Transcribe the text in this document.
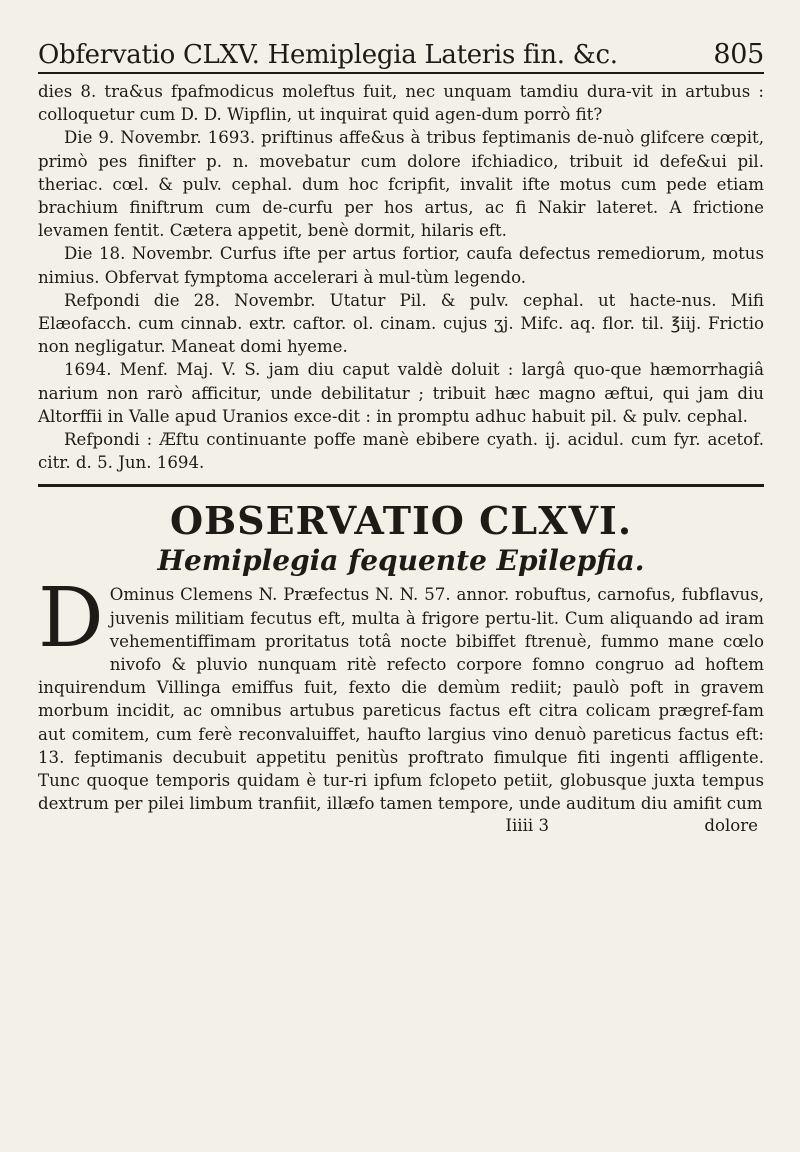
Obfervatio CLXV. Hemiplegia Lateris fin. &c.	805

dies 8. tra&us fpafmodicus moleftus fuit, nec unquam tamdiu dura-vit in artubus : colloquetur cum D. D. Wipflin, ut inquirat quid agen-dum porrò fit?

Die 9. Novembr. 1693. priftinus affe&us à tribus feptimanis de-nuò glifcere cœpit, primò pes finifter p. n. movebatur cum dolore ifchiadico, tribuit id defe&ui pil. theriac. cœl. & pulv. cephal. dum hoc fcripfit, invalit ifte motus cum pede etiam brachium finiftrum cum de-curfu per hos artus, ac fi Nakir lateret. A frictione levamen fentit. Cæterа appetit, benè dormit, hilaris eft.

Die 18. Novembr. Curfus ifte per artus fortior, caufa defectus remediorum, motus nimius. Obfervat fymptoma accelerari à mul-tùm legendo.

Refpondi die 28. Novembr. Utatur Pil. & pulv. cephal. ut hacte-nus. Mifi Elæofacch. cum cinnab. extr. caftor. ol. cinam. cujus ʒj. Mifc. aq. flor. til. ℥iij. Frictio non negligatur. Maneat domi hyeme.

1694. Menf. Maj. V. S. jam diu caput valdè doluit : largâ quo-que hæmorrhagiâ narium non rarò afficitur, unde debilitatur ; tribuit hæc magno æftui, qui jam diu Altorffii in Valle apud Uranios exce-dit : in promptu adhuc habuit pil. & pulv. cephal.

Refpondi : Æftu continuante poffe manè ebibere cyath. ij. acidul. cum fyr. acetof. citr. d. 5. Jun. 1694.

OBSERVATIO CLXVI.
Hemiplegia fequente Epilepfia.

D Ominus Clemens N. Præfectus N. N. 57. annor. robuftus, carnofus, fubflavus, juvenis militiam fecutus eft, multa à frigore pertu-lit. Cum aliquando ad iram vehementiffimam proritatus totâ nocte bibiffet ftrenuè, fummo mane cœlo nivofo & pluvio nunquam ritè refecto corpore fomno congruo ad hoftem inquirendum Villinga emiffus fuit, fexto die demùm rediit; paulò poft in gravem morbum incidit, ac omnibus artubus pareticus factus eft citra colicam prægref-fam aut comitem, cum ferè reconvaluiffet, haufto largius vino denuò pareticus factus eft: 13. feptimanis decubuit appetitu penitùs proftrato fimulque fiti ingenti affligente. Tunc quoque temporis quidam è tur-ri ipfum fclopeto petiit, globusque juxta tempus dextrum per pilei limbum tranfiit, illæfo tamen tempore, unde auditum diu amifit cum

Iiiii 3	dolore
